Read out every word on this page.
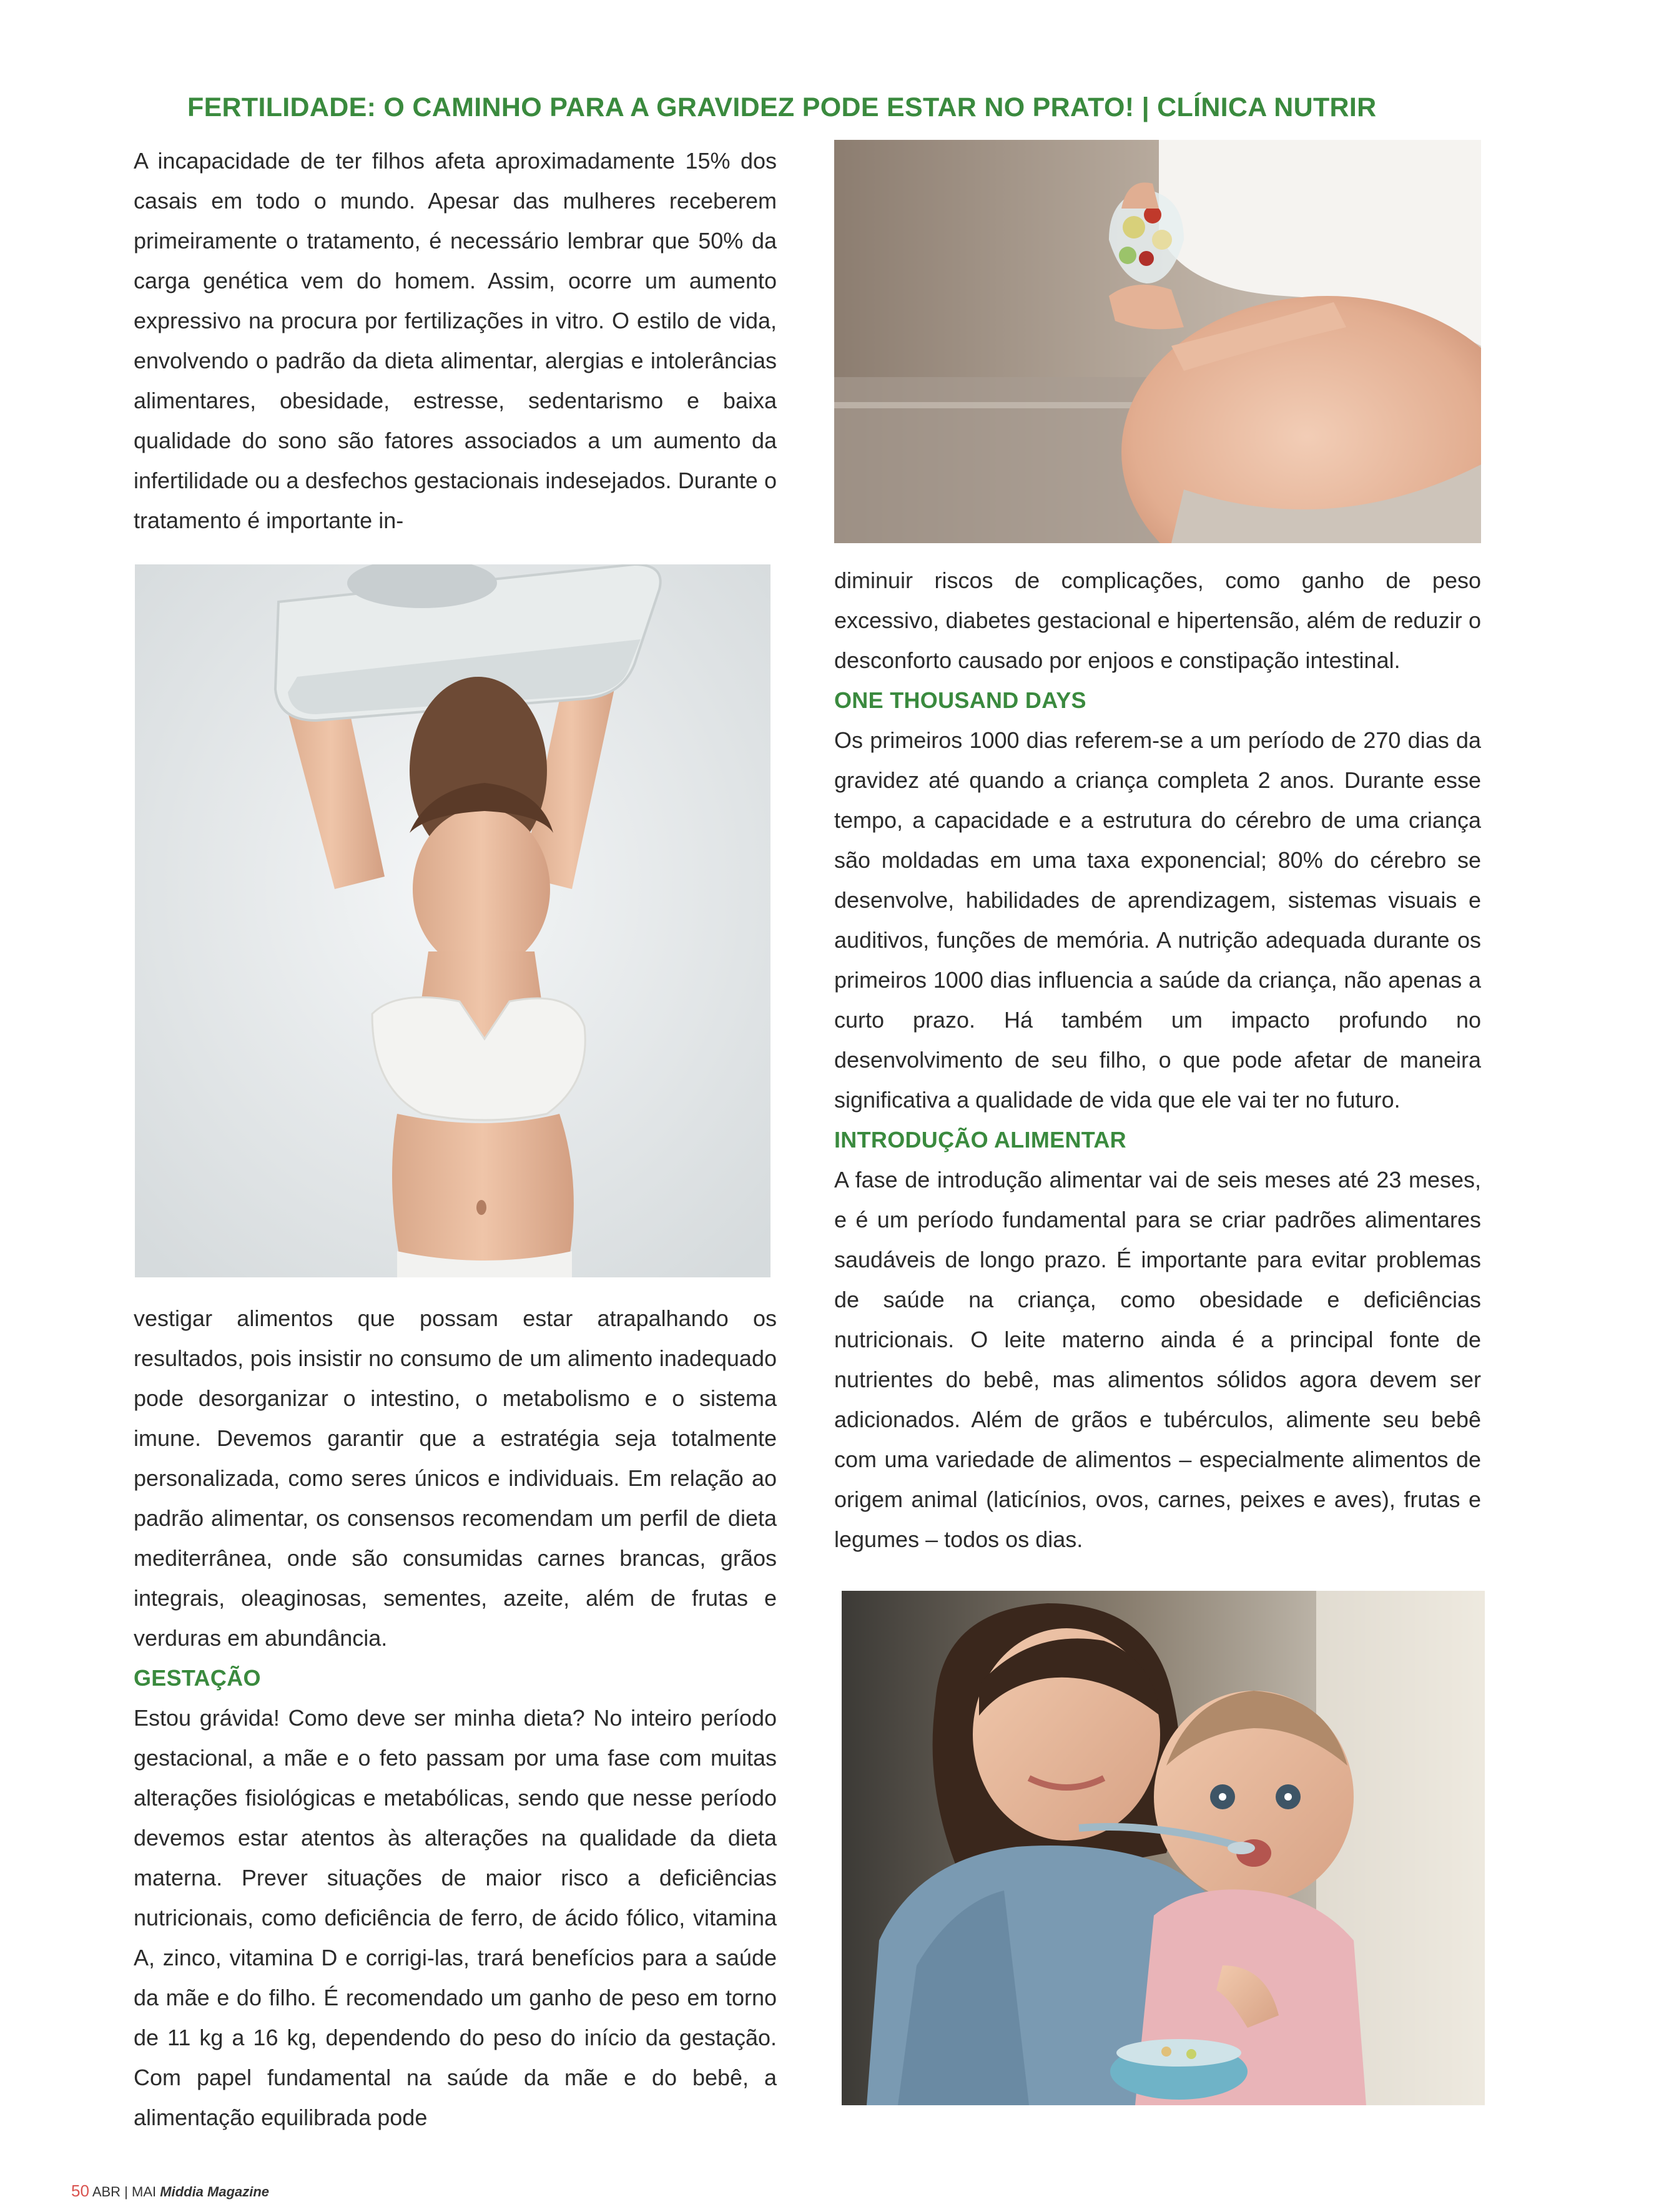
FERTILIDADE: O CAMINHO PARA A GRAVIDEZ PODE ESTAR NO PRATO! | CLÍNICA NUTRIR

A incapacidade de ter filhos afeta aproximadamente 15% dos casais em todo o mundo. Apesar das mulheres receberem primeiramente o tratamento, é necessário lembrar que 50% da carga genética vem do homem. Assim, ocorre um aumento expressivo na procura por fertilizações in vitro. O estilo de vida, envolvendo o padrão da dieta alimentar, alergias e intolerâncias alimentares, obesidade, estresse, sedentarismo e baixa qualidade do sono são fatores associados a um aumento da infertilidade ou a desfechos gestacionais indesejados. Durante o tratamento é importante in-

vestigar alimentos que possam estar atrapalhando os resultados, pois insistir no consumo de um alimento inadequado pode desorganizar o intestino, o metabolismo e o sistema imune. Devemos garantir que a estratégia seja totalmente personalizada, como seres únicos e individuais. Em relação ao padrão alimentar, os consensos recomendam um perfil de dieta mediterrânea, onde são consumidas carnes brancas, grãos integrais, oleaginosas, sementes, azeite, além de frutas e verduras em abundância.

GESTAÇÃO

Estou grávida! Como deve ser minha dieta? No inteiro período gestacional, a mãe e o feto passam por uma fase com muitas alterações fisiológicas e metabólicas, sendo que nesse período devemos estar atentos às alterações na qualidade da dieta materna. Prever situações de maior risco a deficiências nutricionais, como deficiência de ferro, de ácido fólico, vitamina A, zinco, vitamina D e corrigi-las, trará benefícios para a saúde da mãe e do filho. É recomendado um ganho de peso em torno de 11 kg a 16 kg, dependendo do peso do início da gestação. Com papel fundamental na saúde da mãe e do bebê, a alimentação equilibrada pode

diminuir riscos de complicações, como ganho de peso excessivo, diabetes gestacional e hipertensão, além de reduzir o desconforto causado por enjoos e constipação intestinal.

ONE THOUSAND DAYS

Os primeiros 1000 dias referem-se a um período de 270 dias da gravidez até quando a criança completa 2 anos. Durante esse tempo, a capacidade e a estrutura do cérebro de uma criança são moldadas em uma taxa exponencial; 80% do cérebro se desenvolve, habilidades de aprendizagem, sistemas visuais e auditivos, funções de memória. A nutrição adequada durante os primeiros 1000 dias influencia a saúde da criança, não apenas a curto prazo. Há também um impacto profundo no desenvolvimento de seu filho, o que pode afetar de maneira significativa a qualidade de vida que ele vai ter no futuro.

INTRODUÇÃO ALIMENTAR

A fase de introdução alimentar vai de seis meses até 23 meses, e é um período fundamental para se criar padrões alimentares saudáveis de longo prazo. É importante para evitar problemas de saúde na criança, como obesidade e deficiências nutricionais. O leite materno ainda é a principal fonte de nutrientes do bebê, mas alimentos sólidos agora devem ser adicionados. Além de grãos e tubérculos, alimente seu bebê com uma variedade de alimentos – especialmente alimentos de origem animal (laticínios, ovos, carnes, peixes e aves), frutas e legumes – todos os dias.

50 ABR | MAI Middia Magazine
